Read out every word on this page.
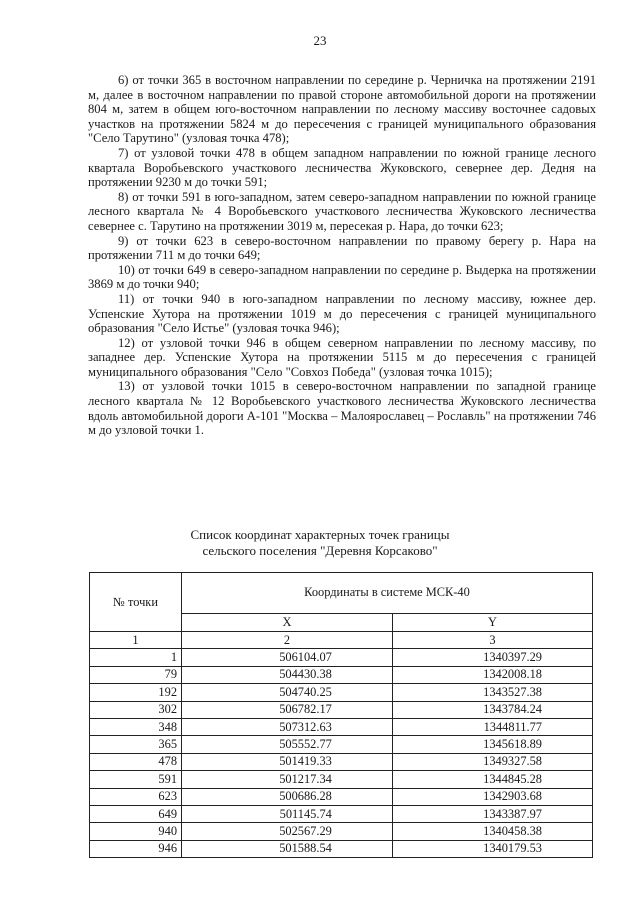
23

6) от точки 365 в восточном направлении по середине р. Черничка на протяжении 2191 м, далее в восточном направлении по правой стороне автомобильной дороги на протяжении 804 м, затем в общем юго-восточном направлении по лесному массиву восточнее садовых участков на протяжении 5824 м до пересечения с границей муниципального образования "Село Тарутино" (узловая точка 478);

7) от узловой точки 478 в общем западном направлении по южной границе лесного квартала Воробьевского участкового лесничества Жуковского, севернее дер. Дедня на протяжении 9230 м до точки 591;

8) от точки 591 в юго-западном, затем северо-западном направлении по южной границе лесного квартала № 4 Воробьевского участкового лесничества Жуковского лесничества севернее с. Тарутино на протяжении 3019 м, пересекая р. Нара, до точки 623;

9) от точки 623 в северо-восточном направлении по правому берегу р. Нара на протяжении 711 м до точки 649;

10) от точки 649 в северо-западном направлении по середине р. Выдерка на протяжении 3869 м до точки 940;

11) от точки 940 в юго-западном направлении по лесному массиву, южнее дер. Успенские Хутора на протяжении 1019 м до пересечения с границей муниципального образования "Село Истье" (узловая точка 946);

12) от узловой точки 946 в общем северном направлении по лесному массиву, по западнее дер. Успенские Хутора на протяжении 5115 м до пересечения с границей муниципального образования "Село "Совхоз Победа" (узловая точка 1015);

13) от узловой точки 1015 в северо-восточном направлении по западной границе лесного квартала № 12 Воробьевского участкового лесничества Жуковского лесничества вдоль автомобильной дороги А-101 "Москва – Малоярославец – Рославль" на протяжении 746 м до узловой точки 1.

Список координат характерных точек границы
сельского поселения "Деревня Корсаково"
№ точки	Координаты в системе МСК-40	
	X	Y
1	2	3
1	506104.07	1340397.29
79	504430.38	1342008.18
192	504740.25	1343527.38
302	506782.17	1343784.24
348	507312.63	1344811.77
365	505552.77	1345618.89
478	501419.33	1349327.58
591	501217.34	1344845.28
623	500686.28	1342903.68
649	501145.74	1343387.97
940	502567.29	1340458.38
946	501588.54	1340179.53
